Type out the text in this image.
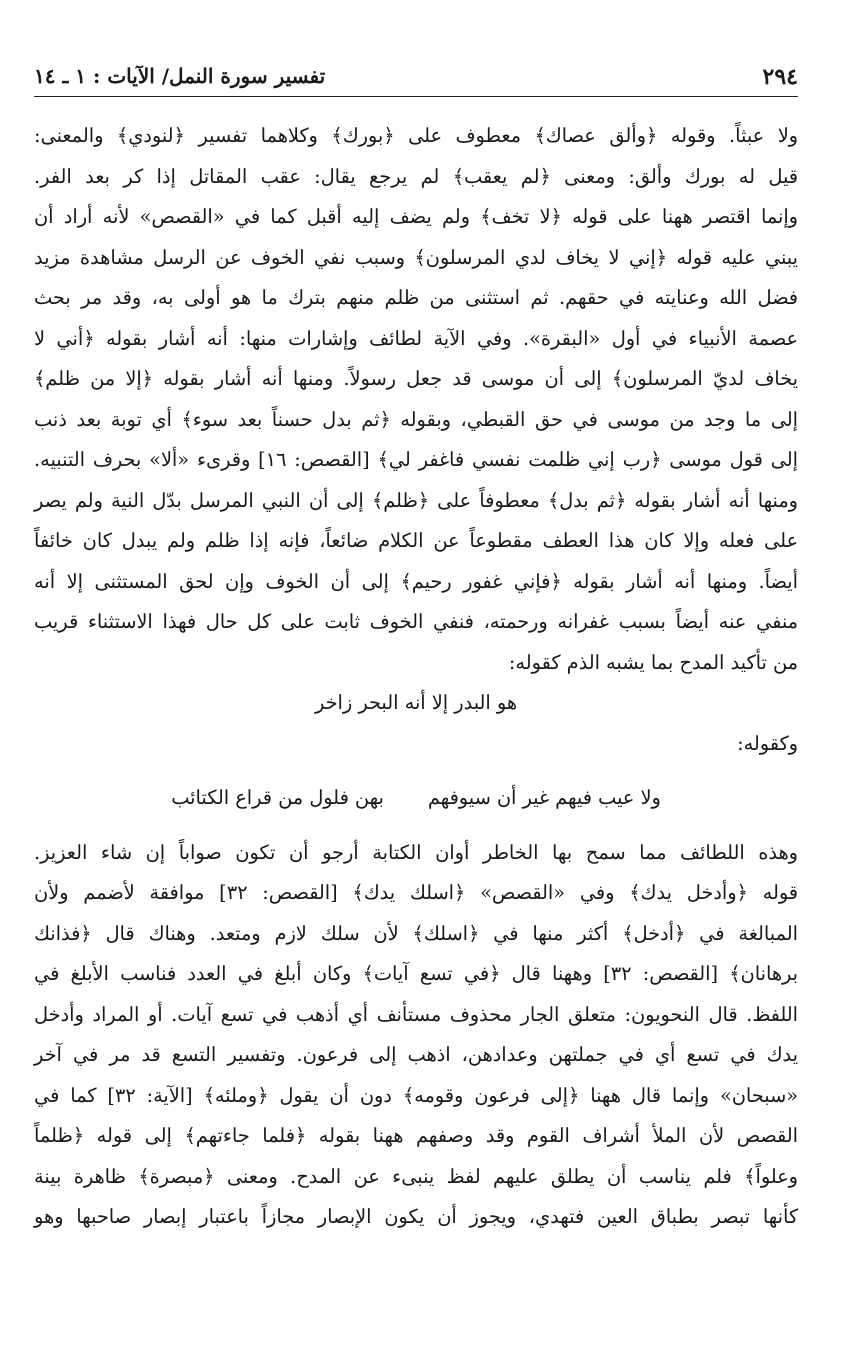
٢٩٤
تفسير سورة النمل/ الآيات : ١ ـ ١٤

ولا عبثاً. وقوله ﴿وألق عصاك﴾ معطوف على ﴿بورك﴾ وكلاهما تفسير ﴿لنودي﴾ والمعنى:

قيل له بورك وألق: ومعنى ﴿لم يعقب﴾ لم يرجع يقال: عقب المقاتل إذا كر بعد الفر.

وإنما اقتصر ههنا على قوله ﴿لا تخف﴾ ولم يضف إليه أقبل كما في «القصص» لأنه أراد أن

يبني عليه قوله ﴿إني لا يخاف لدي المرسلون﴾ وسبب نفي الخوف عن الرسل مشاهدة مزيد

فضل الله وعنايته في حقهم. ثم استثنى من ظلم منهم بترك ما هو أولى به، وقد مر بحث

عصمة الأنبياء في أول «البقرة». وفي الآية لطائف وإشارات منها: أنه أشار بقوله ﴿أني لا

يخاف لديّ المرسلون﴾ إلى أن موسى قد جعل رسولاً. ومنها أنه أشار بقوله ﴿إلا من ظلم﴾

إلى ما وجد من موسى في حق القبطي، وبقوله ﴿ثم بدل حسناً بعد سوء﴾ أي توبة بعد ذنب

إلى قول موسى ﴿رب إني ظلمت نفسي فاغفر لي﴾ [القصص: ١٦] وقرىء «ألا» بحرف التنبيه.

ومنها أنه أشار بقوله ﴿ثم بدل﴾ معطوفاً على ﴿ظلم﴾ إلى أن النبي المرسل بدّل النية ولم يصر

على فعله وإلا كان هذا العطف مقطوعاً عن الكلام ضائعاً، فإنه إذا ظلم ولم يبدل كان خائفاً

أيضاً. ومنها أنه أشار بقوله ﴿فإني غفور رحيم﴾ إلى أن الخوف وإن لحق المستثنى إلا أنه

منفي عنه أيضاً بسبب غفرانه ورحمته، فنفي الخوف ثابت على كل حال فهذا الاستثناء قريب

من تأكيد المدح بما يشبه الذم كقوله:

هو البدر إلا أنه البحر زاخر

وكقوله:

ولا عيب فيهم غير أن سيوفهم
بهن فلول من قراع الكتائب

وهذه اللطائف مما سمح بها الخاطر أوان الكتابة أرجو أن تكون صواباً إن شاء العزيز.

قوله ﴿وأدخل يدك﴾ وفي «القصص» ﴿اسلك يدك﴾ [القصص: ٣٢] موافقة لأضمم ولأن

المبالغة في ﴿أدخل﴾ أكثر منها في ﴿اسلك﴾ لأن سلك لازم ومتعد. وهناك قال ﴿فذانك

برهانان﴾ [القصص: ٣٢] وههنا قال ﴿في تسع آيات﴾ وكان أبلغ في العدد فناسب الأبلغ في

اللفظ. قال النحويون: متعلق الجار محذوف مستأنف أي أذهب في تسع آيات. أو المراد وأدخل

يدك في تسع أي في جملتهن وعدادهن، اذهب إلى فرعون. وتفسير التسع قد مر في آخر

«سبحان» وإنما قال ههنا ﴿إلى فرعون وقومه﴾ دون أن يقول ﴿وملئه﴾ [الآية: ٣٢] كما في

القصص لأن الملأ أشراف القوم وقد وصفهم ههنا بقوله ﴿فلما جاءتهم﴾ إلى قوله ﴿ظلماً

وعلواً﴾ فلم يناسب أن يطلق عليهم لفظ ينبىء عن المدح. ومعنى ﴿مبصرة﴾ ظاهرة بينة

كأنها تبصر بطباق العين فتهدي، ويجوز أن يكون الإبصار مجازاً باعتبار إبصار صاحبها وهو
